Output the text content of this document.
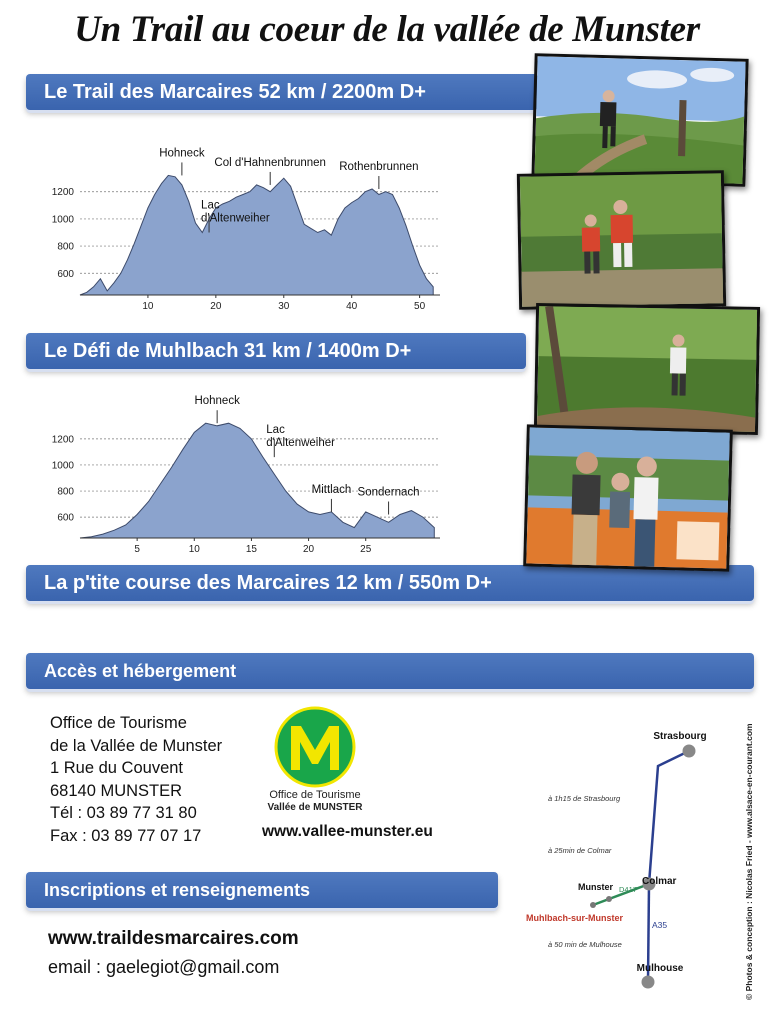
Un Trail au coeur de la vallée de Munster
Le Trail des Marcaires 52 km / 2200m D+
Le Défi de Muhlbach 31 km / 1400m D+
La p'tite course des Marcaires 12 km / 550m D+
Accès et hébergement
Inscriptions et renseignements
600
800
1000
1200
10	20	30	40	50
Hohneck
Col d'Hahnenbrunnen Rothenbrunnen
Lac
d'Altenweiher
600
800
1000
1200
5	10	15	20	25
Hohneck
Lac
d'Altenweiher
Mittlach Sondernach
Office de Tourisme
de la Vallée de Munster
1 Rue du Couvent
68140 MUNSTER
Tél : 03 89 77 31 80
Fax : 03 89 77 07 17
Office de Tourisme
Vallée de MUNSTER
www.vallee-munster.eu
www.traildesmarcaires.com
email : gaelegiot@gmail.com
Strasbourg
Colmar
Munster
Muhlbach-sur-Munster
Mulhouse
D417
A35
à 1h15 de Strasbourg
à 25min de Colmar
à 50 min de Mulhouse	© Photos & conception : Nicolas Fried - www.alsace-en-courant.com
